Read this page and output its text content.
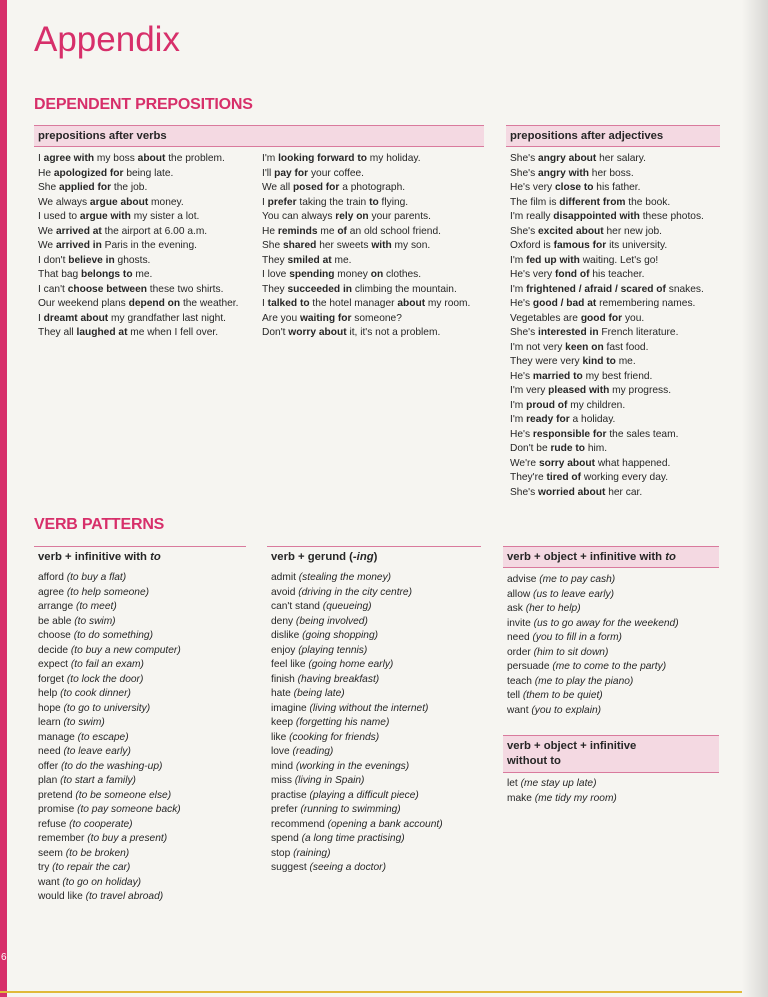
6
Appendix
DEPENDENT PREPOSITIONS
prepositions after verbs
I agree with my boss about the problem.
He apologized for being late.
She applied for the job.
We always argue about money.
I used to argue with my sister a lot.
We arrived at the airport at 6.00 a.m.
We arrived in Paris in the evening.
I don't believe in ghosts.
That bag belongs to me.
I can't choose between these two shirts.
Our weekend plans depend on the weather.
I dreamt about my grandfather last night.
They all laughed at me when I fell over.
I'm looking forward to my holiday.
I'll pay for your coffee.
We all posed for a photograph.
I prefer taking the train to flying.
You can always rely on your parents.
He reminds me of an old school friend.
She shared her sweets with my son.
They smiled at me.
I love spending money on clothes.
They succeeded in climbing the mountain.
I talked to the hotel manager about my room.
Are you waiting for someone?
Don't worry about it, it's not a problem.
prepositions after adjectives
She's angry about her salary.
She's angry with her boss.
He's very close to his father.
The film is different from the book.
I'm really disappointed with these photos.
She's excited about her new job.
Oxford is famous for its university.
I'm fed up with waiting. Let's go!
He's very fond of his teacher.
I'm frightened / afraid / scared of snakes.
He's good / bad at remembering names.
Vegetables are good for you.
She's interested in French literature.
I'm not very keen on fast food.
They were very kind to me.
He's married to my best friend.
I'm very pleased with my progress.
I'm proud of my children.
I'm ready for a holiday.
He's responsible for the sales team.
Don't be rude to him.
We're sorry about what happened.
They're tired of working every day.
She's worried about her car.
VERB PATTERNS
verb + infinitive with to
afford (to buy a flat)
agree (to help someone)
arrange (to meet)
be able (to swim)
choose (to do something)
decide (to buy a new computer)
expect (to fail an exam)
forget (to lock the door)
help (to cook dinner)
hope (to go to university)
learn (to swim)
manage (to escape)
need (to leave early)
offer (to do the washing-up)
plan (to start a family)
pretend (to be someone else)
promise (to pay someone back)
refuse (to cooperate)
remember (to buy a present)
seem (to be broken)
try (to repair the car)
want (to go on holiday)
would like (to travel abroad)
verb + gerund (-ing)
admit (stealing the money)
avoid (driving in the city centre)
can't stand (queueing)
deny (being involved)
dislike (going shopping)
enjoy (playing tennis)
feel like (going home early)
finish (having breakfast)
hate (being late)
imagine (living without the internet)
keep (forgetting his name)
like (cooking for friends)
love (reading)
mind (working in the evenings)
miss (living in Spain)
practise (playing a difficult piece)
prefer (running to swimming)
recommend (opening a bank account)
spend (a long time practising)
stop (raining)
suggest (seeing a doctor)
verb + object + infinitive with to
advise (me to pay cash)
allow (us to leave early)
ask (her to help)
invite (us to go away for the weekend)
need (you to fill in a form)
order (him to sit down)
persuade (me to come to the party)
teach (me to play the piano)
tell (them to be quiet)
want (you to explain)
verb + object + infinitive
without to
let (me stay up late)
make (me tidy my room)
